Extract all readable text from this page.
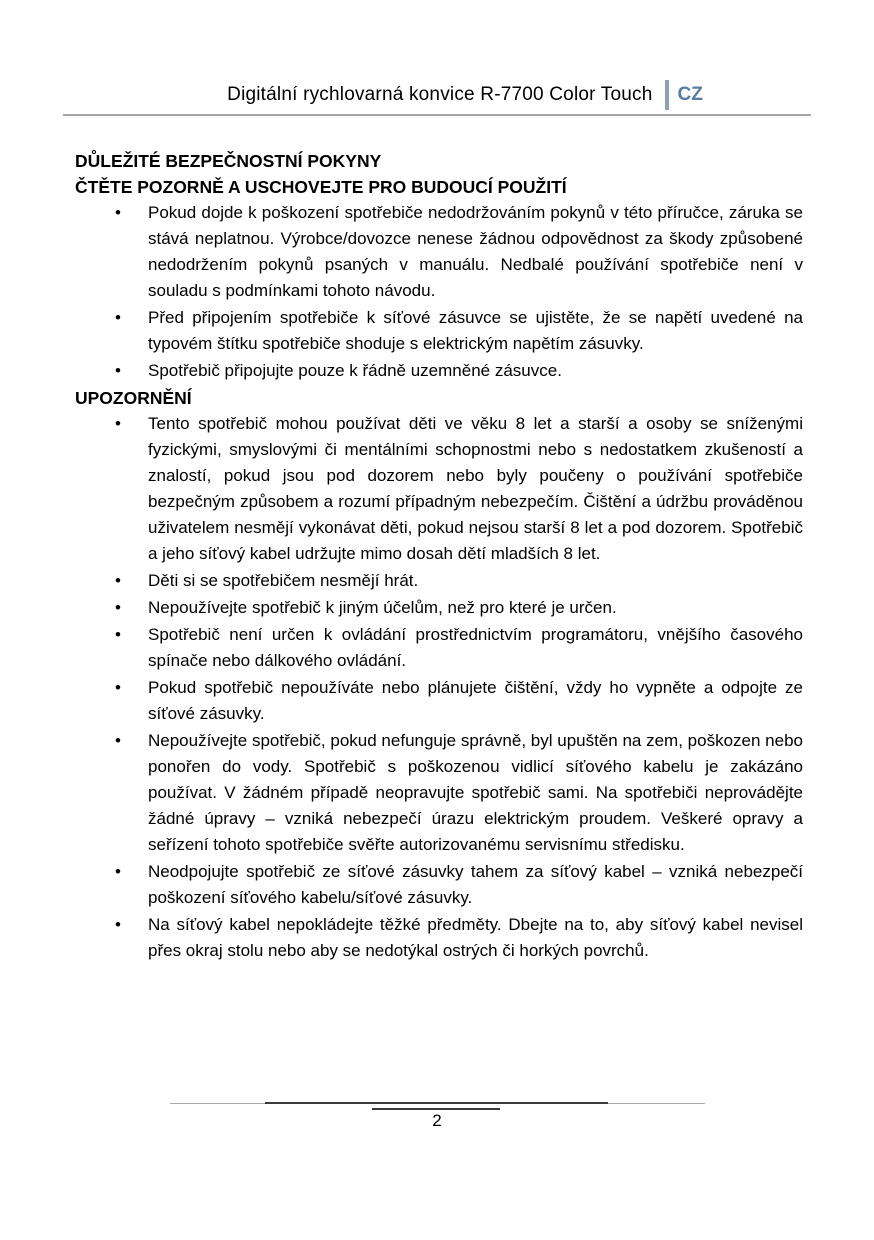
Digitální rychlovarná konvice R-7700 Color Touch CZ

DŮLEŽITÉ BEZPEČNOSTNÍ POKYNY

ČTĚTE POZORNĚ A USCHOVEJTE PRO BUDOUCÍ POUŽITÍ

•	Pokud dojde k poškození spotřebiče nedodržováním pokynů v této příručce, záruka se stává neplatnou. Výrobce/dovozce nenese žádnou odpovědnost za škody způsobené nedodržením pokynů psaných v manuálu. Nedbalé používání spotřebiče není v souladu s podmínkami tohoto návodu.

•	Před připojením spotřebiče k síťové zásuvce se ujistěte, že se napětí uvedené na typovém štítku spotřebiče shoduje s elektrickým napětím zásuvky.

•	Spotřebič připojujte pouze k řádně uzemněné zásuvce.

UPOZORNĚNÍ

•	Tento spotřebič mohou používat děti ve věku 8 let a starší a osoby se sníženými fyzickými, smyslovými či mentálními schopnostmi nebo s nedostatkem zkušeností a znalostí, pokud jsou pod dozorem nebo byly poučeny o používání spotřebiče bezpečným způsobem a rozumí případným nebezpečím. Čištění a údržbu prováděnou uživatelem nesmějí vykonávat děti, pokud nejsou starší 8 let a pod dozorem. Spotřebič a jeho síťový kabel udržujte mimo dosah dětí mladších 8 let.

•	Děti si se spotřebičem nesmějí hrát.

•	Nepoužívejte spotřebič k jiným účelům, než pro které je určen.

•	Spotřebič není určen k ovládání prostřednictvím programátoru, vnějšího časového spínače nebo dálkového ovládání.

•	Pokud spotřebič nepoužíváte nebo plánujete čištění, vždy ho vypněte a odpojte ze síťové zásuvky.

•	Nepoužívejte spotřebič, pokud nefunguje správně, byl upuštěn na zem, poškozen nebo ponořen do vody. Spotřebič s poškozenou vidlicí síťového kabelu je zakázáno používat. V žádném případě neopravujte spotřebič sami. Na spotřebiči neprovádějte žádné úpravy – vzniká nebezpečí úrazu elektrickým proudem. Veškeré opravy a seřízení tohoto spotřebiče svěřte autorizovanému servisnímu středisku.

•	Neodpojujte spotřebič ze síťové zásuvky tahem za síťový kabel – vzniká nebezpečí poškození síťového kabelu/síťové zásuvky.

•	Na síťový kabel nepokládejte těžké předměty. Dbejte na to, aby síťový kabel nevisel přes okraj stolu nebo aby se nedotýkal ostrých či horkých povrchů.

2
